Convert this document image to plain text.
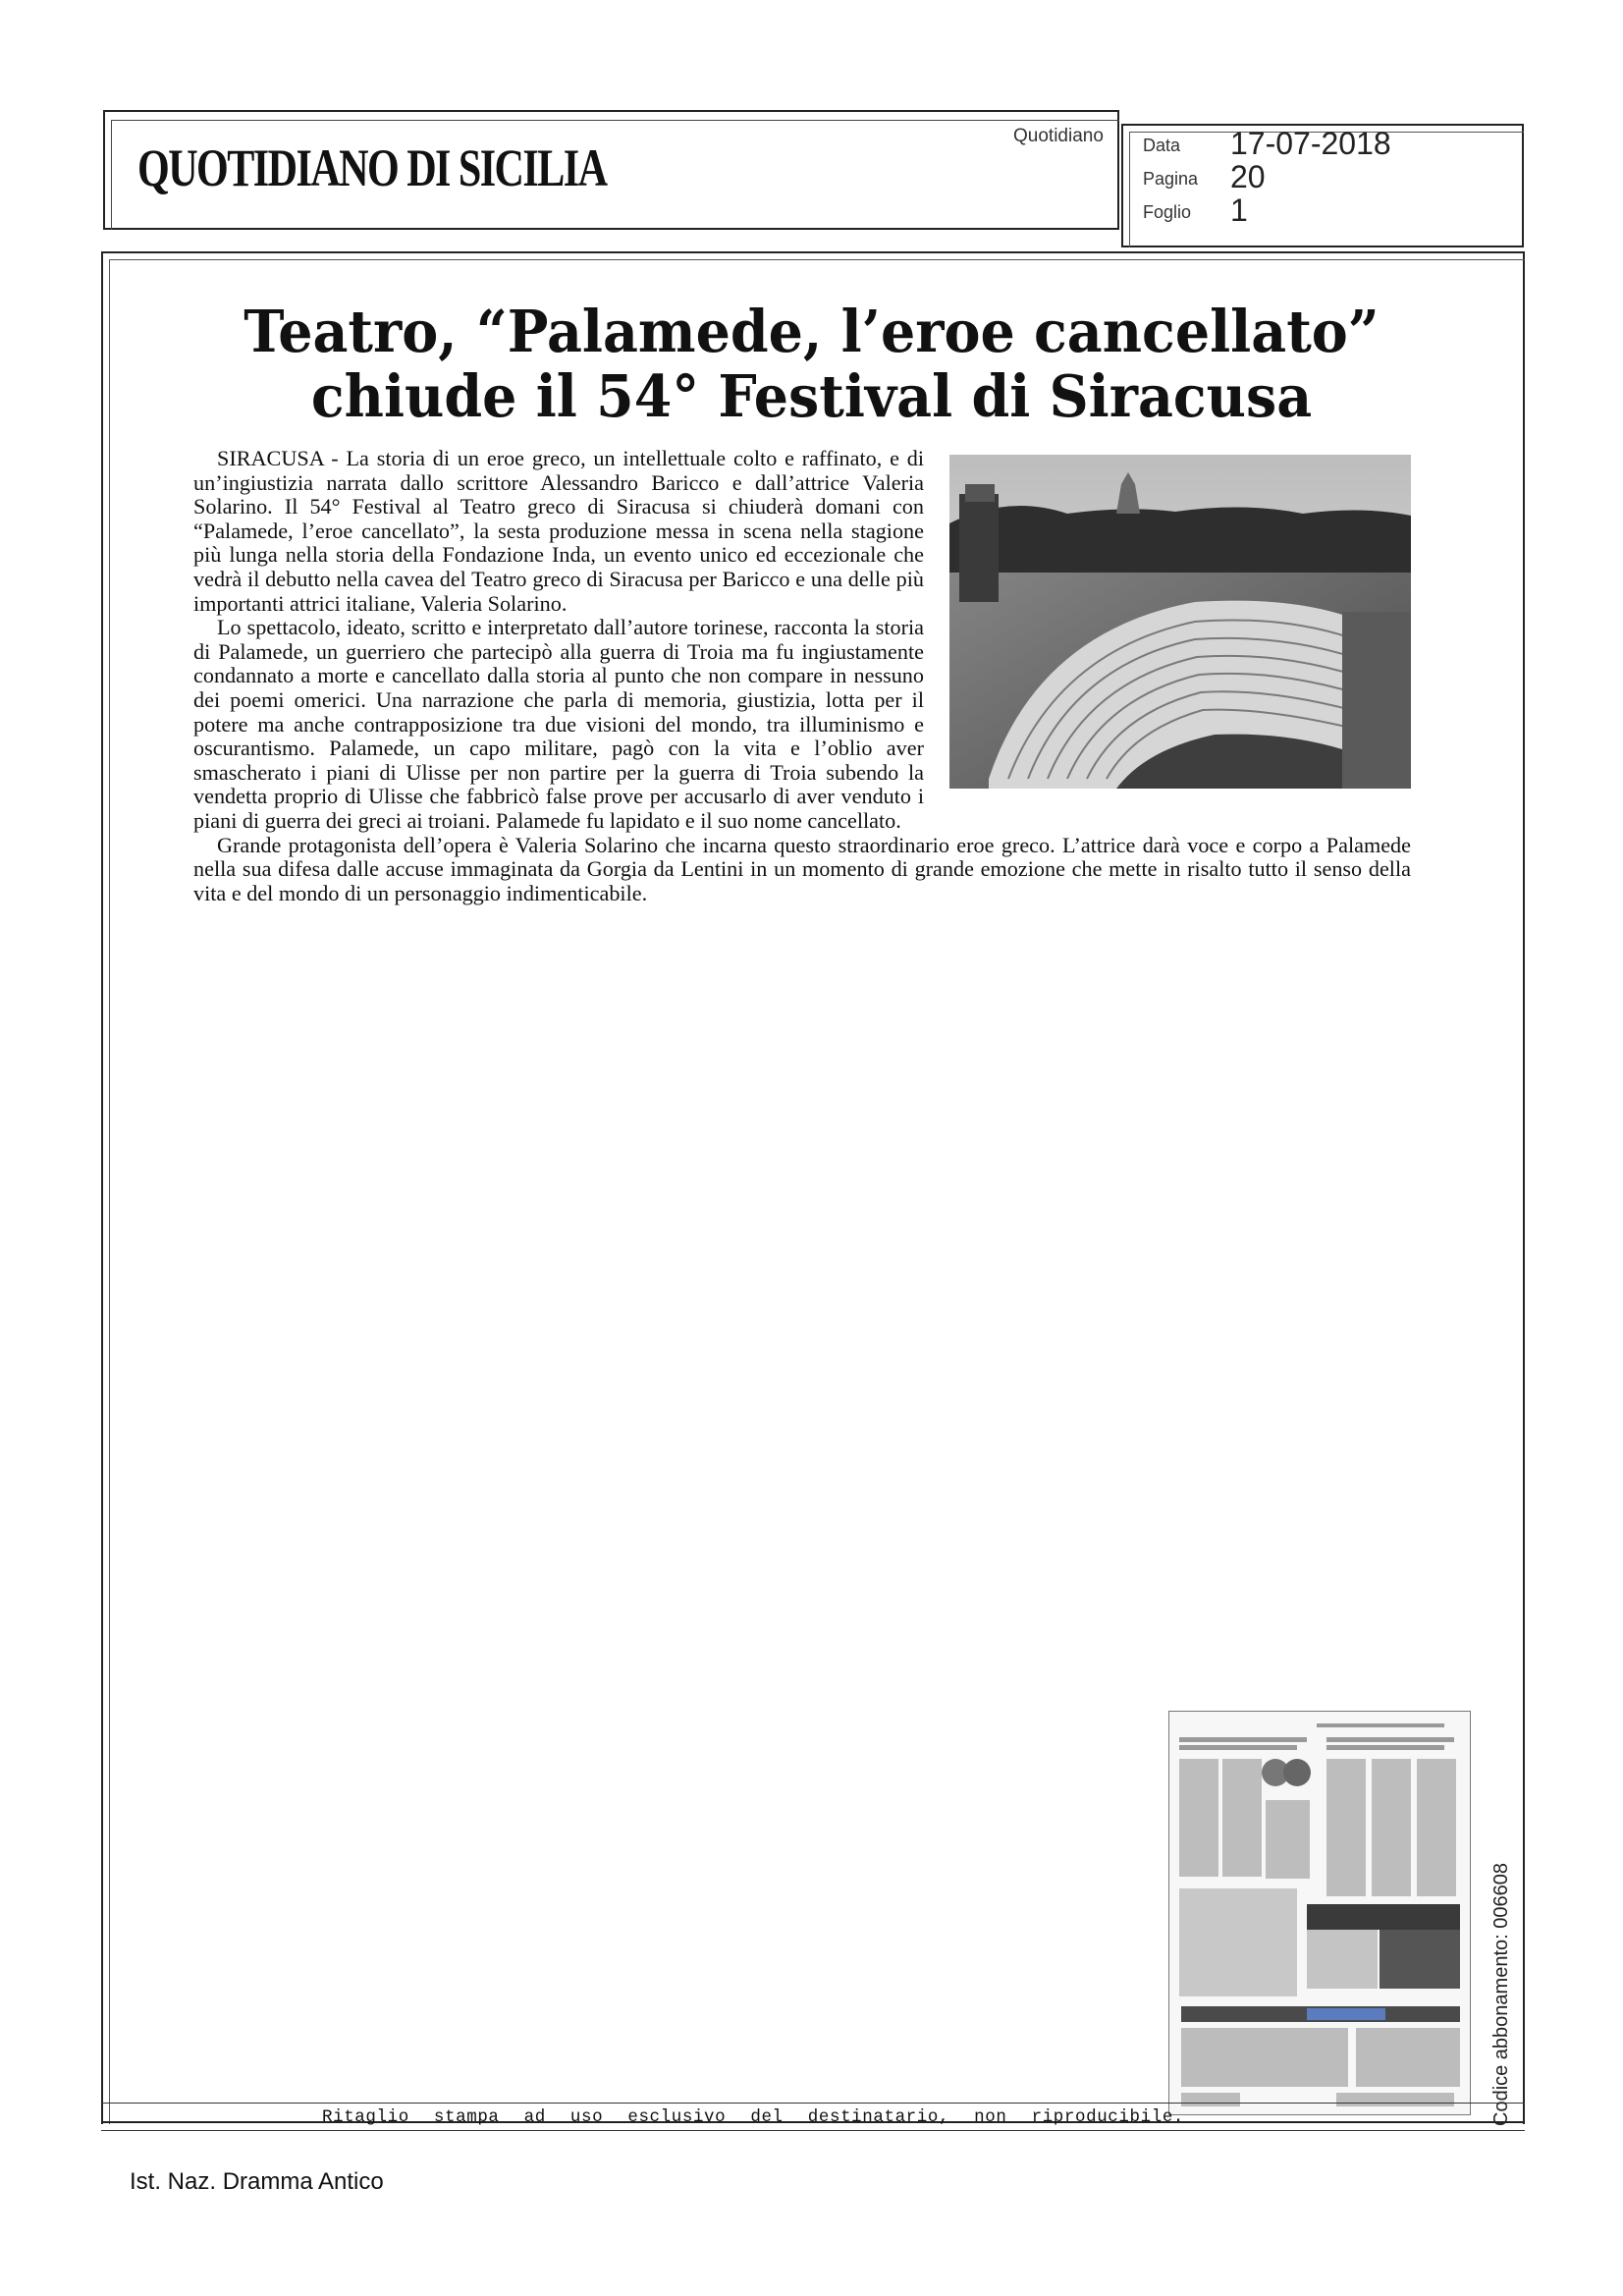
QUOTIDIANO DI SICILIA
Quotidiano Data 17-07-2018
Pagina 20
Foglio 1
Teatro, “Palamede, l’eroe cancellato”
chiude il 54° Festival di Siracusa

SIRACUSA - La storia di un eroe greco, un intellettuale colto e raffinato, e di un’ingiustizia narrata dallo scrittore Alessandro Baricco e dall’attrice Valeria Solarino. Il 54° Festival al Teatro greco di Siracusa si chiuderà domani con “Palamede, l’eroe cancellato”, la sesta produzione messa in scena nella stagione più lunga nella storia della Fondazione Inda, un evento unico ed eccezionale che vedrà il debutto nella cavea del Teatro greco di Siracusa per Baricco e una delle più importanti attrici italiane, Valeria Solarino.

Lo spettacolo, ideato, scritto e interpretato dall’autore torinese, racconta la storia di Palamede, un guerriero che partecipò alla guerra di Troia ma fu ingiustamente condannato a morte e cancellato dalla storia al punto che non compare in nessuno dei poemi omerici. Una narrazione che parla di memoria, giustizia, lotta per il potere ma anche contrapposizione tra due visioni del mondo, tra illuminismo e oscurantismo. Palamede, un capo militare, pagò con la vita e l’oblio aver smascherato i piani di Ulisse per non partire per la guerra di Troia subendo la vendetta proprio di Ulisse che fabbricò false prove per accusarlo di aver venduto i piani di guerra dei greci ai troiani. Palamede fu lapidato e il suo nome cancellato.

Grande protagonista dell’opera è Valeria Solarino che incarna questo straordinario eroe greco. L’attrice darà voce e corpo a Palamede nella sua difesa dalle accuse immaginata da Gorgia da Lentini in un momento di grande emozione che mette in risalto tutto il senso della vita e del mondo di un personaggio indimenticabile.

Ritaglio stampa ad uso esclusivo del destinatario, non riproducibile.	Codice abbonamento: 006608
Ist. Naz. Dramma Antico
